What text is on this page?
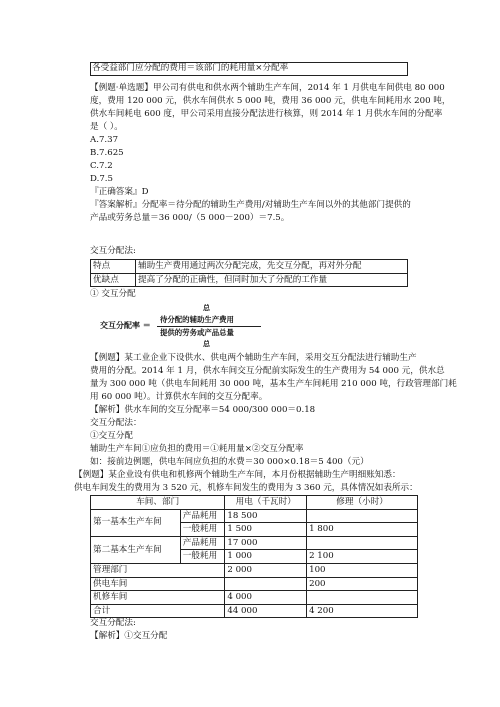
各受益部门应分配的费用＝该部门的耗用量×分配率
【例题·单选题】甲公司有供电和供水两个辅助生产车间，2014 年 1 月供电车间供电 80 000
度，费用 120 000 元，供水车间供水 5 000 吨，费用 36 000 元，供电车间耗用水 200 吨，
供水车间耗电 600 度，甲公司采用直接分配法进行核算，则 2014 年 1 月供水车间的分配率
是（ ）。
A.7.37
B.7.625
C.7.2
D.7.5
『正确答案』D
『答案解析』分配率＝待分配的辅助生产费用/对辅助生产车间以外的其他部门提供的
产品或劳务总量＝36 000/（5 000－200）＝7.5。
交互分配法:
特点	辅助生产费用通过两次分配完成，先交互分配，再对外分配
优缺点	提高了分配的正确性，但同时加大了分配的工作量
① 交互分配
交互分配率 ＝
总
待分配的辅助生产费用
提供的劳务或产品总量
总
【例题】某工业企业下设供水、供电两个辅助生产车间，采用交互分配法进行辅助生产
费用的分配。2014 年 1 月，供水车间交互分配前实际发生的生产费用为 54 000 元，供水总
量为 300 000 吨（供电车间耗用 30 000 吨，基本生产车间耗用 210 000 吨，行政管理部门耗
用 60 000 吨）。计算供水车间的交互分配率。
【解析】供水车间的交互分配率＝54 000/300 000＝0.18
交互分配法：
①交互分配
辅助生产车间①应负担的费用＝①耗用量×②交互分配率
如：接前边例题，供电车间应负担的水费＝30 000×0.18＝5 400（元）
【例题】某企业设有供电和机修两个辅助生产车间，本月份根据辅助生产明细账知悉：
供电车间发生的费用为 3 520 元，机修车间发生的费用为 3 360 元，具体情况如表所示：
车间、部门		用电（千瓦时）	修理（小时）
第一基本生产车间	产品耗用	18 500	
	一般耗用	1 500	1 800
第二基本生产车间	产品耗用	17 000	
	一般耗用	1 000	2 100
管理部门		2 000	100
供电车间			200
机修车间		4 000	
合计		44 000	4 200
交互分配法:
【解析】①交互分配
